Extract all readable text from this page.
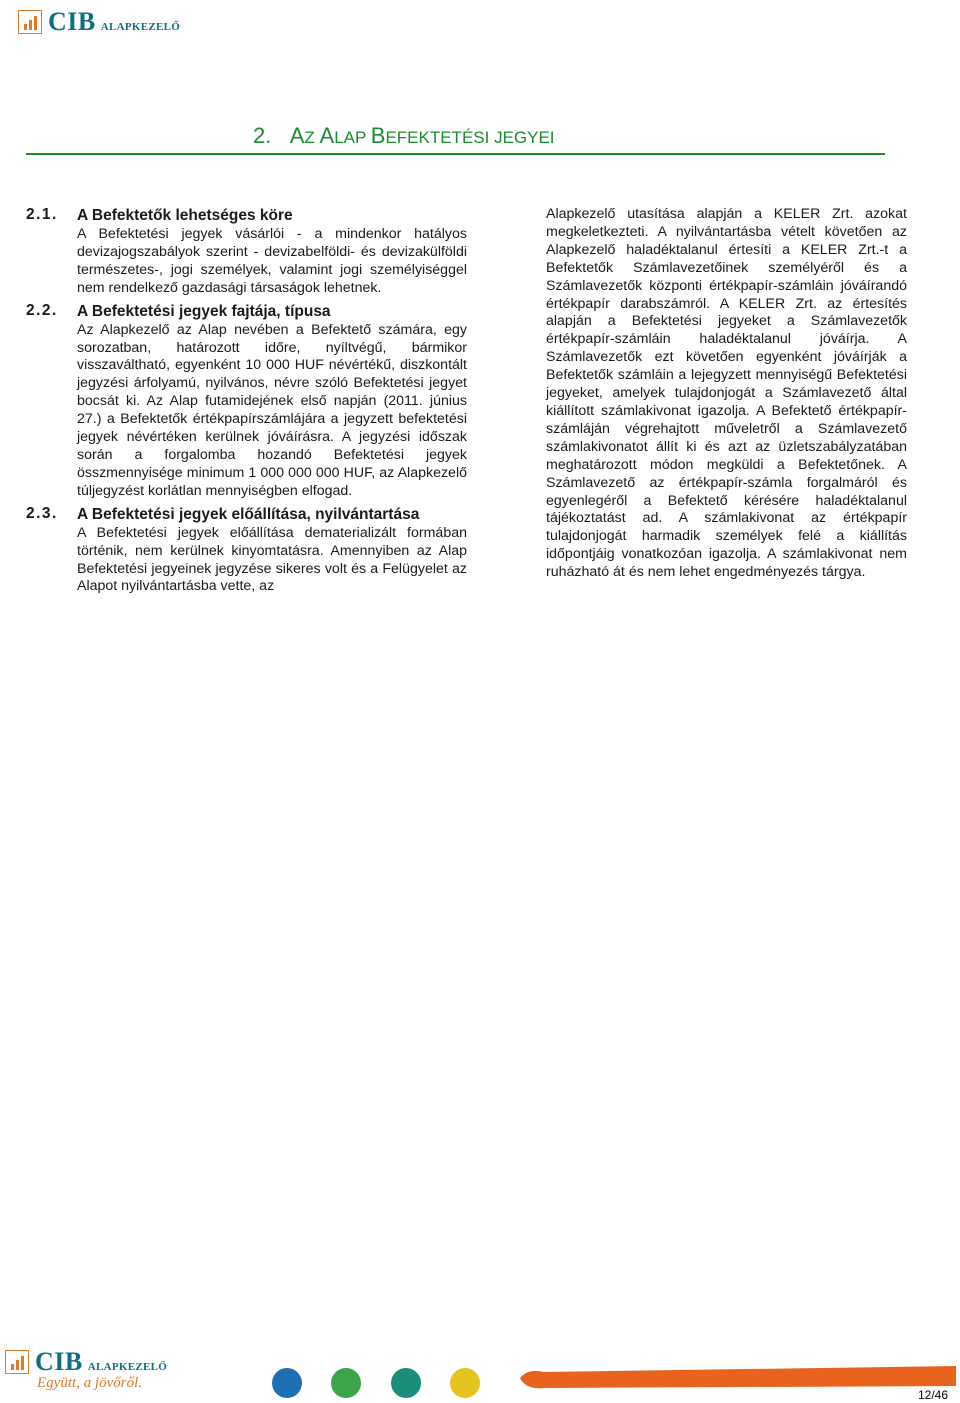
CIB ALAPKEZELŐ
2. AZ ALAP BEFEKTETÉSI JEGYEI
2.1. A Befektetők lehetséges köre

A Befektetési jegyek vásárlói - a mindenkor hatályos devizajogszabályok szerint - devizabelföldi- és devizakülföldi természetes-, jogi személyek, valamint jogi személyiséggel nem rendelkező gazdasági társaságok lehetnek.

2.2. A Befektetési jegyek fajtája, típusa

Az Alapkezelő az Alap nevében a Befektető számára, egy sorozatban, határozott időre, nyíltvégű, bármikor visszaváltható, egyenként 10 000 HUF névértékű, diszkontált jegyzési árfolyamú, nyilvános, névre szóló Befektetési jegyet bocsát ki. Az Alap futamidejének első napján (2011. június 27.) a Befektetők értékpapírszámlájára a jegyzett befektetési jegyek névértéken kerülnek jóváírásra. A jegyzési időszak során a forgalomba hozandó Befektetési jegyek összmennyisége minimum 1 000 000 000 HUF, az Alapkezelő túljegyzést korlátlan mennyiségben elfogad.

2.3. A Befektetési jegyek előállítása, nyilvántartása

A Befektetési jegyek előállítása dematerializált formában történik, nem kerülnek kinyomtatásra. Amennyiben az Alap Befektetési jegyeinek jegyzése sikeres volt és a Felügyelet az Alapot nyilvántartásba vette, az

Alapkezelő utasítása alapján a KELER Zrt. azokat megkeletkezteti. A nyilvántartásba vételt követően az Alapkezelő haladéktalanul értesíti a KELER Zrt.-t a Befektetők Számlavezetőinek személyéről és a Számlavezetők központi értékpapír-számláin jóváírandó értékpapír darabszámról. A KELER Zrt. az értesítés alapján a Befektetési jegyeket a Számlavezetők értékpapír-számláin haladéktalanul jóváírja. A Számlavezetők ezt követően egyenként jóváírják a Befektetők számláin a lejegyzett mennyiségű Befektetési jegyeket, amelyek tulajdonjogát a Számlavezető által kiállított számlakivonat igazolja. A Befektető értékpapír-számláján végrehajtott műveletről a Számlavezető számlakivonatot állít ki és azt az üzletszabályzatában meghatározott módon megküldi a Befektetőnek. A Számlavezető az értékpapír-számla forgalmáról és egyenlegéről a Befektető kérésére haladéktalanul tájékoztatást ad. A számlakivonat az értékpapír tulajdonjogát harmadik személyek felé a kiállítás időpontjáig vonatkozóan igazolja. A számlakivonat nem ruházható át és nem lehet engedményezés tárgya.

CIB ALAPKEZELŐ
Együtt, a jövőről.
12/46
